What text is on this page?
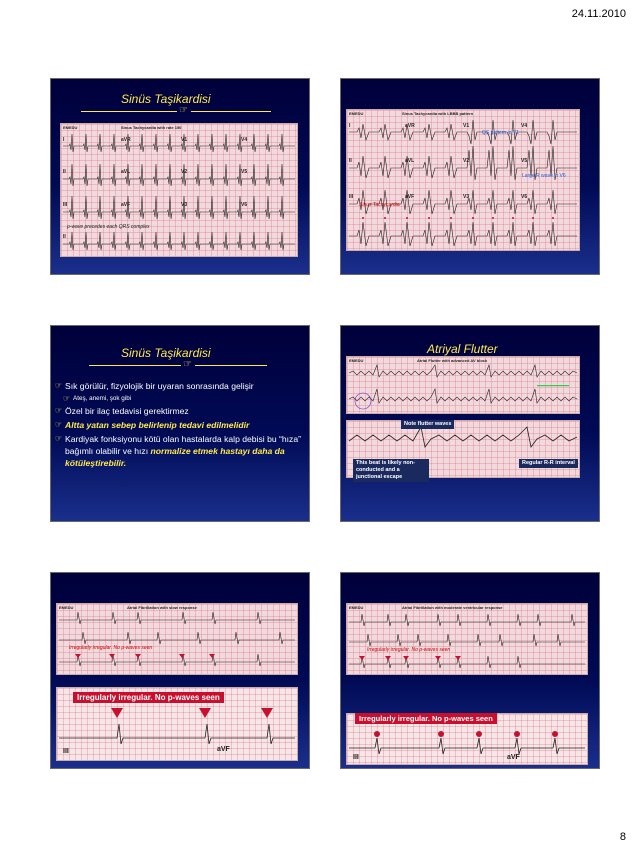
24.11.2010
Sinüs Taşikardisi
☞
Sinus Tachycardia with rate 150
EMEDU
I	aVR	V1	V4
II	aVL	V2	V5
III	aVF	V3	V6
II
p-wave precedes each QRS complex
Sinus Tachycardia with LBBB pattern
EMEDU
I	aVR	V1	V4
II	aVL	V2	V5
III	aVF	V3	V6
QS pattern in V1
Large R wave in V6
Sinus Tachycardia
Sinüs Taşikardisi
☞
☞ Sık görülür, fizyolojik bir uyaran sonrasında gelişir
☞ Ateş, anemi, şok gibi
☞ Özel bir ilaç tedavisi gerektirmez
☞ Altta yatan sebep belirlenip tedavi edilmelidir
☞ Kardiyak fonksiyonu kötü olan hastalarda kalp debisi bu “hıza” bağımlı olabilir ve hızı normalize etmek hastayı daha da kötüleştirebilir.
Atriyal Flutter
Atrial Flutter with advanced AV block
EMEDU
Note flutter waves
This beat is likely non-conducted and a junctional escape
Regular R-R interval
Atrial Fibrillation with slow response
EMEDU
Irregularly irregular. No p-waves seen
Irregularly irregular. No p-waves seen
III	aVF
Atrial Fibrillation with moderate ventricular response
EMEDU
Irregularly irregular. No p-waves seen
III	aVF
Irregularly irregular. No p-waves seen
8
